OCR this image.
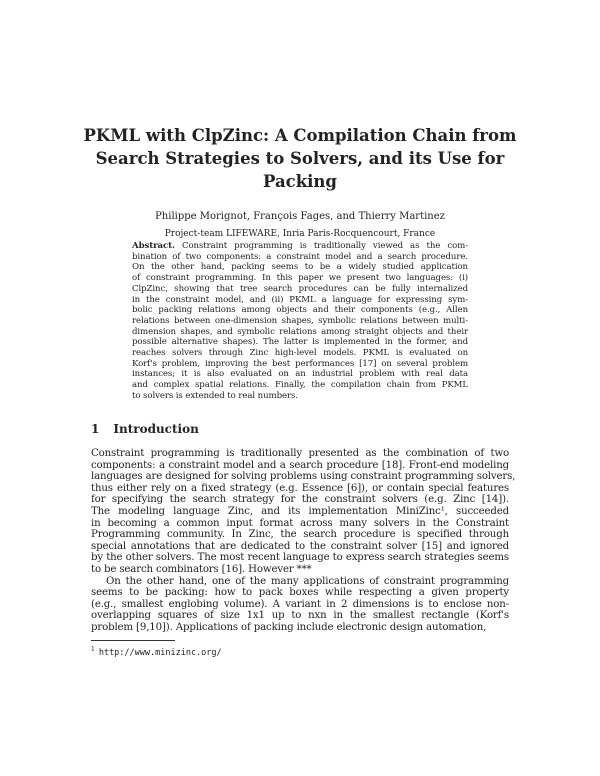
PKML with ClpZinc: A Compilation Chain from
Search Strategies to Solvers, and its Use for
Packing
Philippe Morignot, François Fages, and Thierry Martinez
Project-team LIFEWARE, Inria Paris-Rocquencourt, France
Abstract. Constraint programming is traditionally viewed as the com-
bination of two components: a constraint model and a search procedure.
On the other hand, packing seems to be a widely studied application
of constraint programming. In this paper we present two languages: (i)
ClpZinc, showing that tree search procedures can be fully internalized
in the constraint model, and (ii) PKML a language for expressing sym-
bolic packing relations among objects and their components (e.g., Allen
relations between one-dimension shapes, symbolic relations between multi-
dimension shapes, and symbolic relations among straight objects and their
possible alternative shapes). The latter is implemented in the former, and
reaches solvers through Zinc high-level models. PKML is evaluated on
Korf's problem, improving the best performances [17] on several problem
instances; it is also evaluated on an industrial problem with real data
and complex spatial relations. Finally, the compilation chain from PKML
to solvers is extended to real numbers.
1 Introduction
Constraint programming is traditionally presented as the combination of two
components: a constraint model and a search procedure [18]. Front-end modeling
languages are designed for solving problems using constraint programming solvers,
thus either rely on a fixed strategy (e.g. Essence [6]), or contain special features
for specifying the search strategy for the constraint solvers (e.g. Zinc [14]).
The modeling language Zinc, and its implementation MiniZinc¹, succeeded
in becoming a common input format across many solvers in the Constraint
Programming community. In Zinc, the search procedure is specified through
special annotations that are dedicated to the constraint solver [15] and ignored
by the other solvers. The most recent language to express search strategies seems
to be search combinators [16]. However ***
On the other hand, one of the many applications of constraint programming
seems to be packing: how to pack boxes while respecting a given property
(e.g., smallest englobing volume). A variant in 2 dimensions is to enclose non-
overlapping squares of size 1x1 up to nxn in the smallest rectangle (Korf's
problem [9,10]). Applications of packing include electronic design automation,
$^1$ http://www.minizinc.org/
